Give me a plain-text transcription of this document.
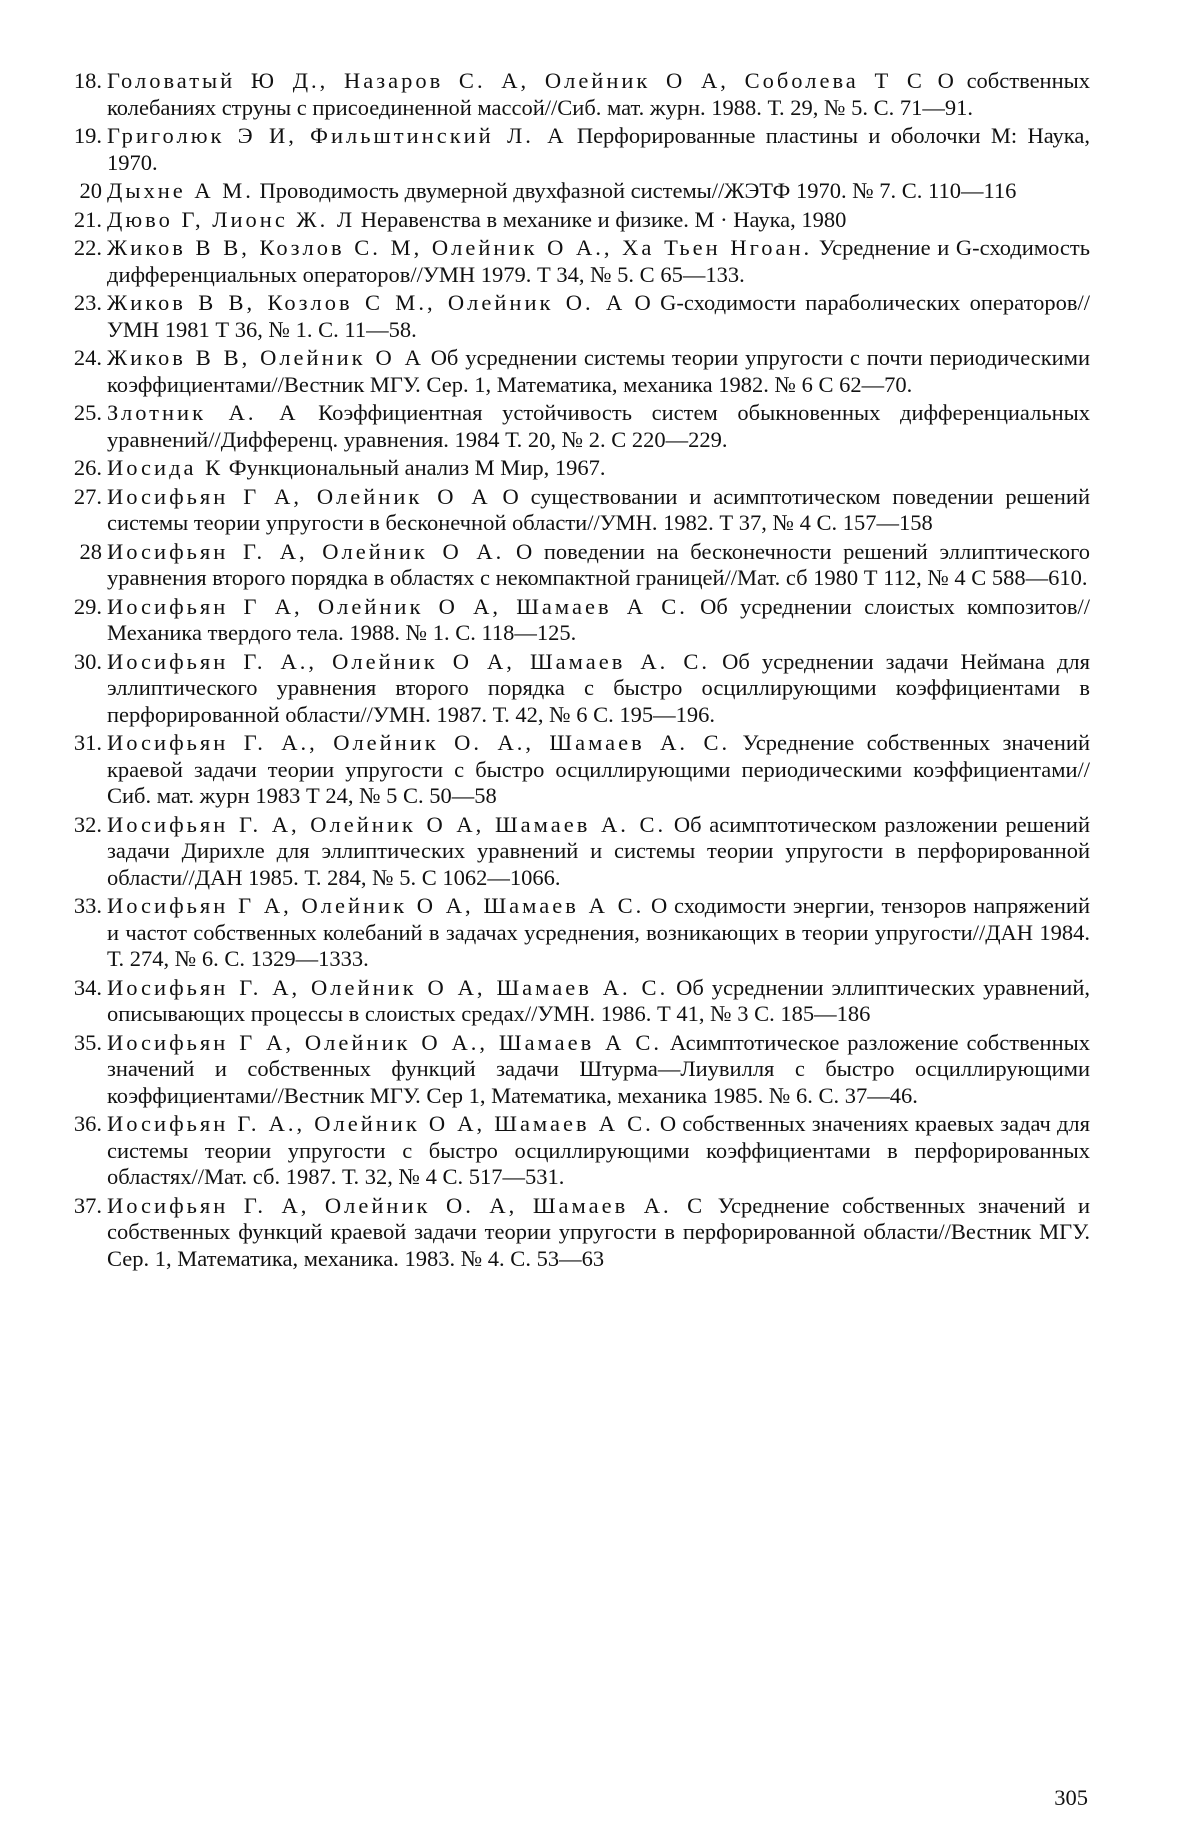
18. Головатый Ю Д., Назаров С. А, Олейник О А, Соболева Т С О собственных колебаниях струны с присоединенной массой//Сиб. мат. журн. 1988. Т. 29, № 5. С. 71—91.
19. Григолюк Э И, Фильштинский Л. А Перфорированные пластины и оболочки М: Наука, 1970.
20 Дыхне А М. Проводимость двумерной двухфазной системы//ЖЭТФ 1970. № 7. С. 110—116
21. Дюво Г, Лионс Ж. Л Неравенства в механике и физике. М · Наука, 1980
22. Жиков В В, Козлов С. М, Олейник О А., Ха Тьен Нгоан. Усреднение и G-сходимость дифференциальных операторов//УМН 1979. Т 34, № 5. С 65—133.
23. Жиков В В, Козлов С М., Олейник О. А О G-сходимости параболических операторов//УМН 1981 Т 36, № 1. С. 11—58.
24. Жиков В В, Олейник О А Об усреднении системы теории упругости с почти периодическими коэффициентами//Вестник МГУ. Сер. 1, Математика, механика 1982. № 6 С 62—70.
25. Злотник А. А Коэффициентная устойчивость систем обыкновенных дифференциальных уравнений//Дифференц. уравнения. 1984 Т. 20, № 2. С 220—229.
26. Иосида К Функциональный анализ М Мир, 1967.
27. Иосифьян Г А, Олейник О А О существовании и асимптотическом поведении решений системы теории упругости в бесконечной области//УМН. 1982. Т 37, № 4 С. 157—158
28 Иосифьян Г. А, Олейник О А. О поведении на бесконечности решений эллиптического уравнения второго порядка в областях с некомпактной границей//Мат. сб 1980 Т 112, № 4 С 588—610.
29. Иосифьян Г А, Олейник О А, Шамаев А С. Об усреднении слоистых композитов//Механика твердого тела. 1988. № 1. С. 118—125.
30. Иосифьян Г. А., Олейник О А, Шамаев А. С. Об усреднении задачи Неймана для эллиптического уравнения второго порядка с быстро осциллирующими коэффициентами в перфорированной области//УМН. 1987. Т. 42, № 6 С. 195—196.
31. Иосифьян Г. А., Олейник О. А., Шамаев А. С. Усреднение собственных значений краевой задачи теории упругости с быстро осциллирующими периодическими коэффициентами//Сиб. мат. журн 1983 Т 24, № 5 С. 50—58
32. Иосифьян Г. А, Олейник О А, Шамаев А. С. Об асимптотическом разложении решений задачи Дирихле для эллиптических уравнений и системы теории упругости в перфорированной области//ДАН 1985. Т. 284, № 5. С 1062—1066.
33. Иосифьян Г А, Олейник О А, Шамаев А С. О сходимости энергии, тензоров напряжений и частот собственных колебаний в задачах усреднения, возникающих в теории упругости//ДАН 1984. Т. 274, № 6. С. 1329—1333.
34. Иосифьян Г. А, Олейник О А, Шамаев А. С. Об усреднении эллиптических уравнений, описывающих процессы в слоистых средах//УМН. 1986. Т 41, № 3 С. 185—186
35. Иосифьян Г А, Олейник О А., Шамаев А С. Асимптотическое разложение собственных значений и собственных функций задачи Штурма—Лиувилля с быстро осциллирующими коэффициентами//Вестник МГУ. Сер 1, Математика, механика 1985. № 6. С. 37—46.
36. Иосифьян Г. А., Олейник О А, Шамаев А С. О собственных значениях краевых задач для системы теории упругости с быстро осциллирующими коэффициентами в перфорированных областях//Мат. сб. 1987. Т. 32, № 4 С. 517—531.
37. Иосифьян Г. А, Олейник О. А, Шамаев А. С Усреднение собственных значений и собственных функций краевой задачи теории упругости в перфорированной области//Вестник МГУ. Сер. 1, Математика, механика. 1983. № 4. С. 53—63
305
